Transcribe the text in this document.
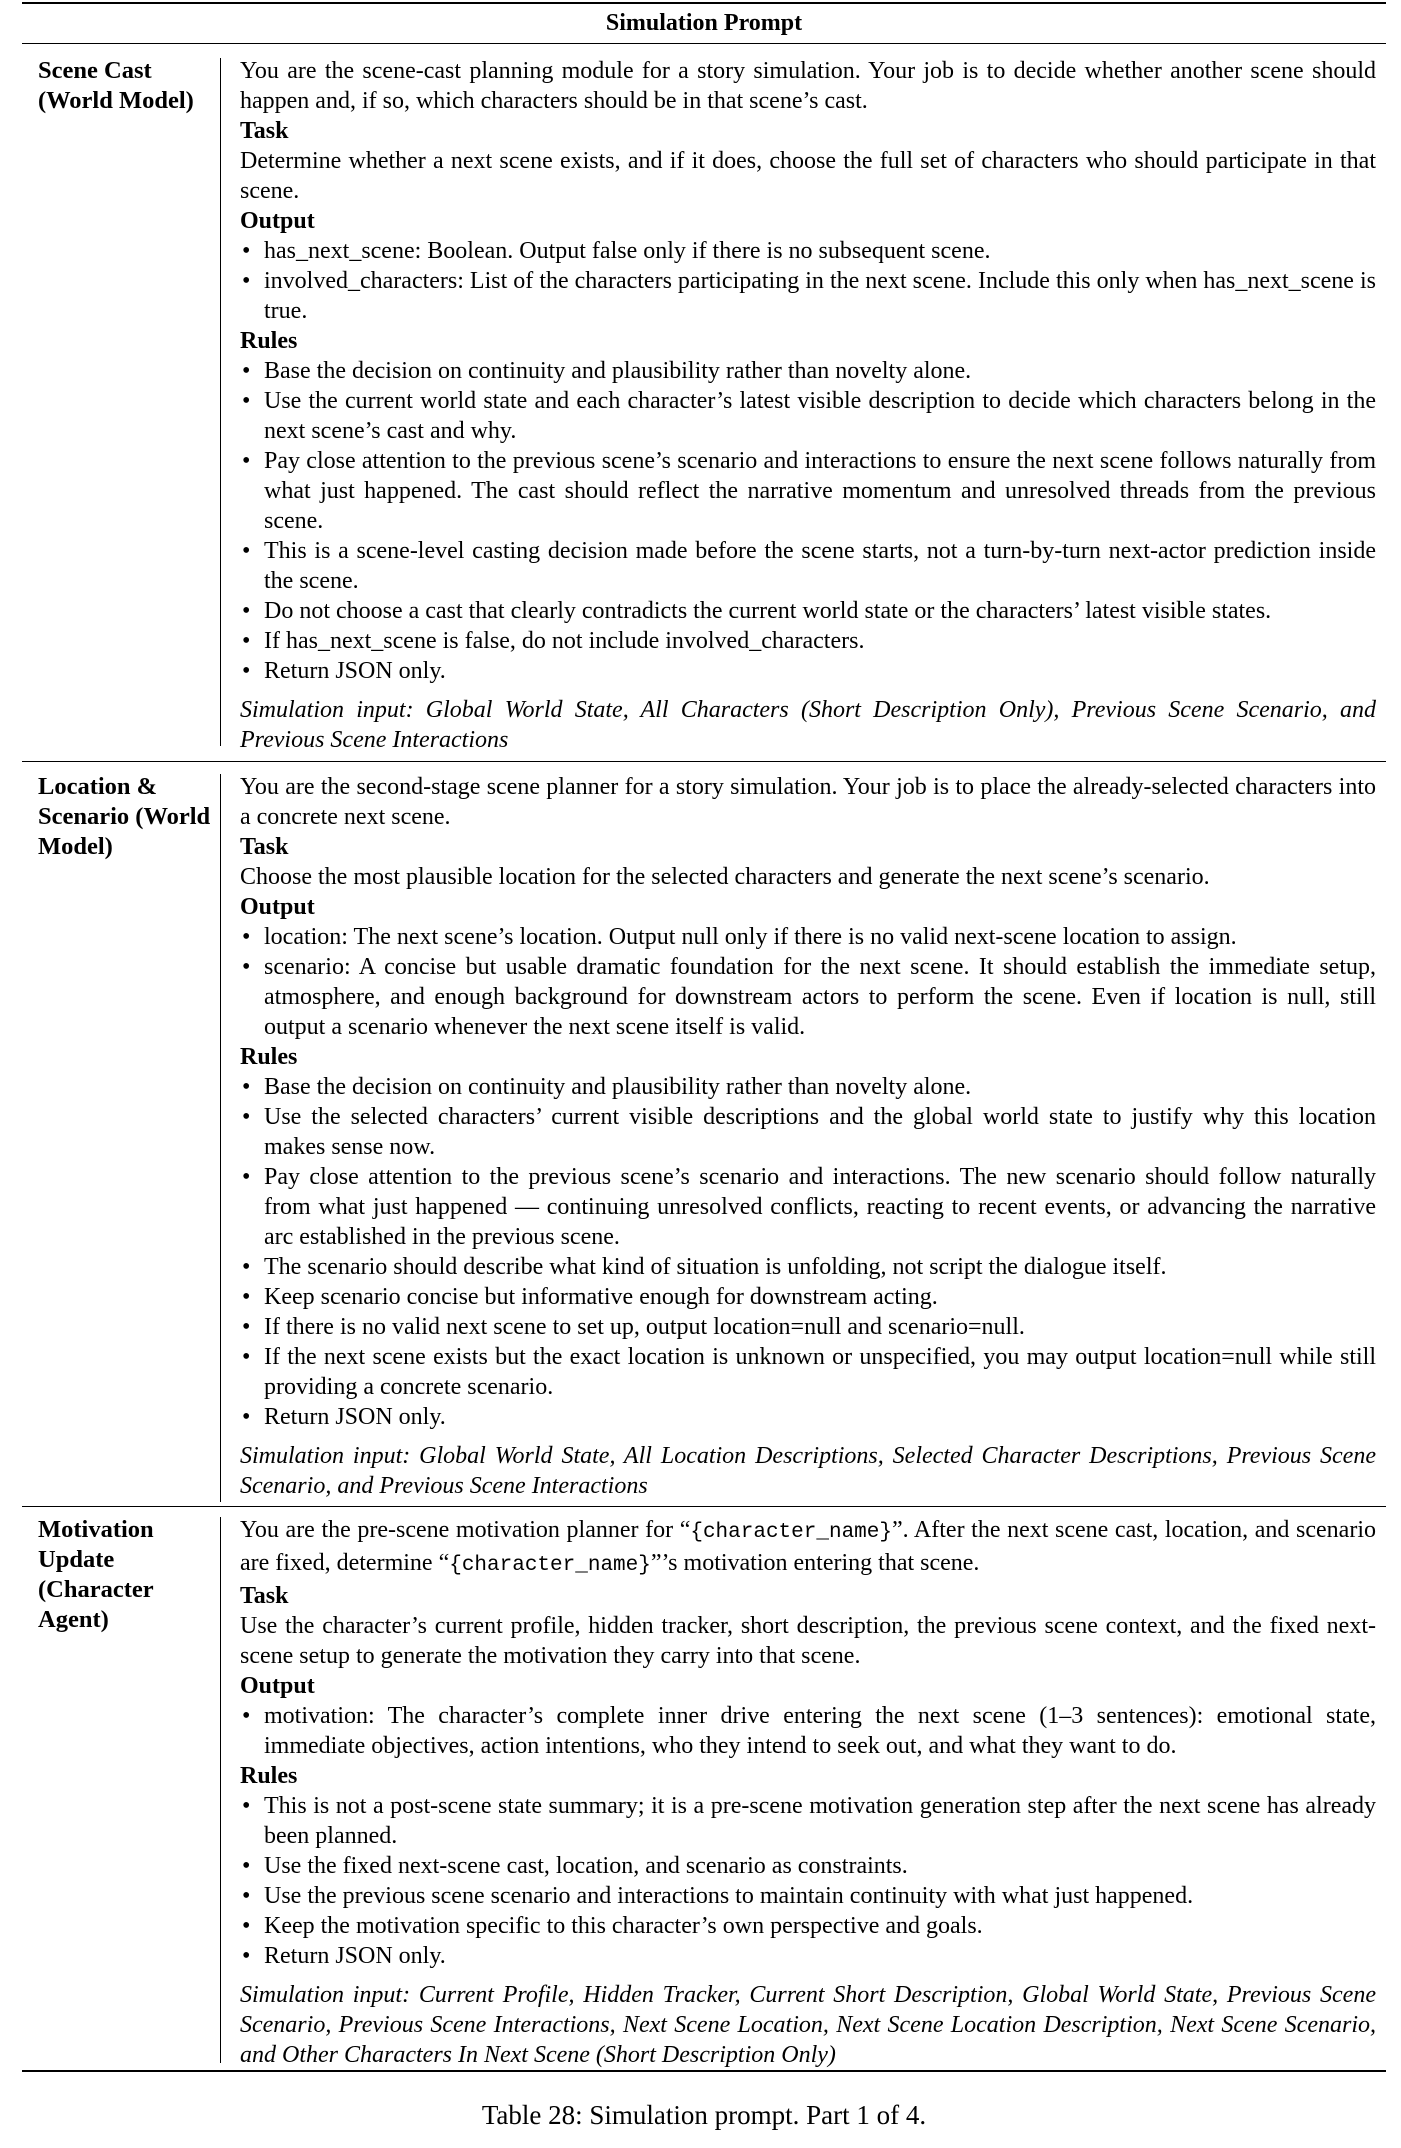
Simulation Prompt
Scene Cast (World Model)

You are the scene-cast planning module for a story simulation. Your job is to decide whether another scene should happen and, if so, which characters should be in that scene’s cast.

Task

Determine whether a next scene exists, and if it does, choose the full set of characters who should participate in that scene.

Output

• has_next_scene: Boolean. Output false only if there is no subsequent scene.
• involved_characters: List of the characters participating in the next scene. Include this only when has_next_scene is true.

Rules

• Base the decision on continuity and plausibility rather than novelty alone.
• Use the current world state and each character’s latest visible description to decide which characters belong in the next scene’s cast and why.
• Pay close attention to the previous scene’s scenario and interactions to ensure the next scene follows naturally from what just happened. The cast should reflect the narrative momentum and unresolved threads from the previous scene.
• This is a scene-level casting decision made before the scene starts, not a turn-by-turn next-actor prediction inside the scene.
• Do not choose a cast that clearly contradicts the current world state or the characters’ latest visible states.
• If has_next_scene is false, do not include involved_characters.
• Return JSON only.

Simulation input: Global World State, All Characters (Short Description Only), Previous Scene Scenario, and Previous Scene Interactions

Location & Scenario (World Model)

You are the second-stage scene planner for a story simulation. Your job is to place the already-selected characters into a concrete next scene.

Task

Choose the most plausible location for the selected characters and generate the next scene’s scenario.

Output

• location: The next scene’s location. Output null only if there is no valid next-scene location to assign.
• scenario: A concise but usable dramatic foundation for the next scene. It should establish the immediate setup, atmosphere, and enough background for downstream actors to perform the scene. Even if location is null, still output a scenario whenever the next scene itself is valid.

Rules

• Base the decision on continuity and plausibility rather than novelty alone.
• Use the selected characters’ current visible descriptions and the global world state to justify why this location makes sense now.
• Pay close attention to the previous scene’s scenario and interactions. The new scenario should follow naturally from what just happened — continuing unresolved conflicts, reacting to recent events, or advancing the narrative arc established in the previous scene.
• The scenario should describe what kind of situation is unfolding, not script the dialogue itself.
• Keep scenario concise but informative enough for downstream acting.
• If there is no valid next scene to set up, output location=null and scenario=null.
• If the next scene exists but the exact location is unknown or unspecified, you may output location=null while still providing a concrete scenario.
• Return JSON only.

Simulation input: Global World State, All Location Descriptions, Selected Character Descriptions, Previous Scene Scenario, and Previous Scene Interactions

Motivation Update (Character Agent)

You are the pre-scene motivation planner for “{character_name}”. After the next scene cast, location, and scenario are fixed, determine “{character_name}”’s motivation entering that scene.

Task

Use the character’s current profile, hidden tracker, short description, the previous scene context, and the fixed next-scene setup to generate the motivation they carry into that scene.

Output

• motivation: The character’s complete inner drive entering the next scene (1–3 sentences): emotional state, immediate objectives, action intentions, who they intend to seek out, and what they want to do.

Rules

• This is not a post-scene state summary; it is a pre-scene motivation generation step after the next scene has already been planned.
• Use the fixed next-scene cast, location, and scenario as constraints.
• Use the previous scene scenario and interactions to maintain continuity with what just happened.
• Keep the motivation specific to this character’s own perspective and goals.
• Return JSON only.

Simulation input: Current Profile, Hidden Tracker, Current Short Description, Global World State, Previous Scene Scenario, Previous Scene Interactions, Next Scene Location, Next Scene Location Description, Next Scene Scenario, and Other Characters In Next Scene (Short Description Only)

Table 28: Simulation prompt. Part 1 of 4.
